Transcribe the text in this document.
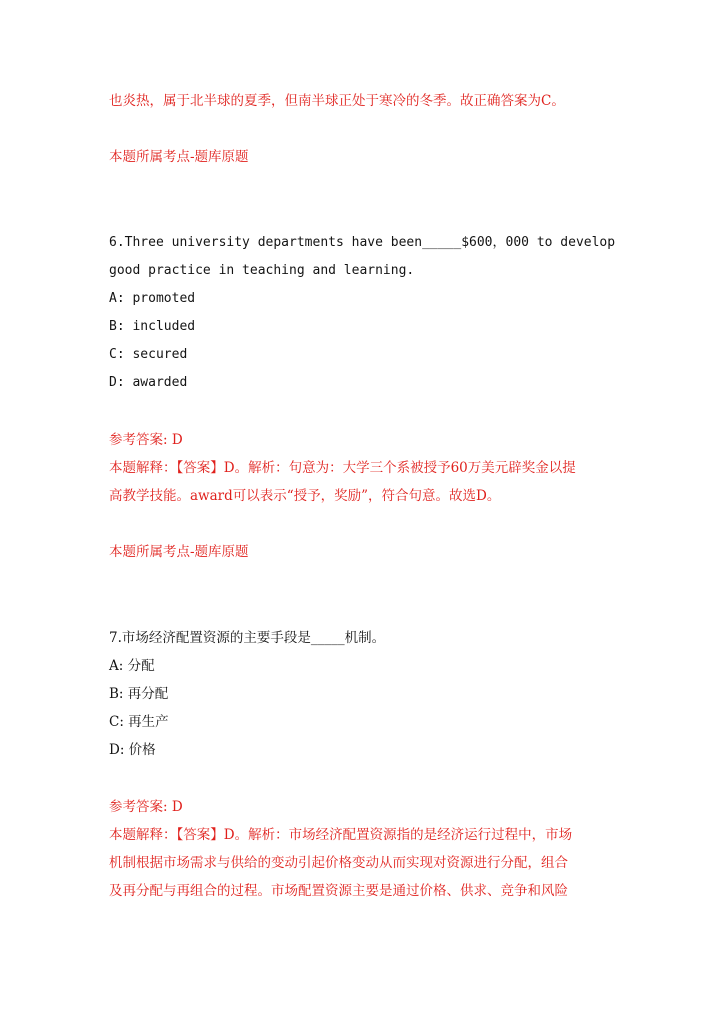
也炎热，属于北半球的夏季，但南半球正处于寒冷的冬季。故正确答案为C。
本题所属考点-题库原题
6.Three university departments have been_____$600，000 to develop
good practice in teaching and learning.
A: promoted
B: included
C: secured
D: awarded
参考答案: D
本题解释：【答案】D。解析：句意为：大学三个系被授予60万美元辟奖金以提
高教学技能。award可以表示“授予，奖励”，符合句意。故选D。
本题所属考点-题库原题
7.市场经济配置资源的主要手段是_____机制。
A: 分配
B: 再分配
C: 再生产
D: 价格
参考答案: D
本题解释：【答案】D。解析：市场经济配置资源指的是经济运行过程中，市场
机制根据市场需求与供给的变动引起价格变动从而实现对资源进行分配，组合
及再分配与再组合的过程。市场配置资源主要是通过价格、供求、竞争和风险
